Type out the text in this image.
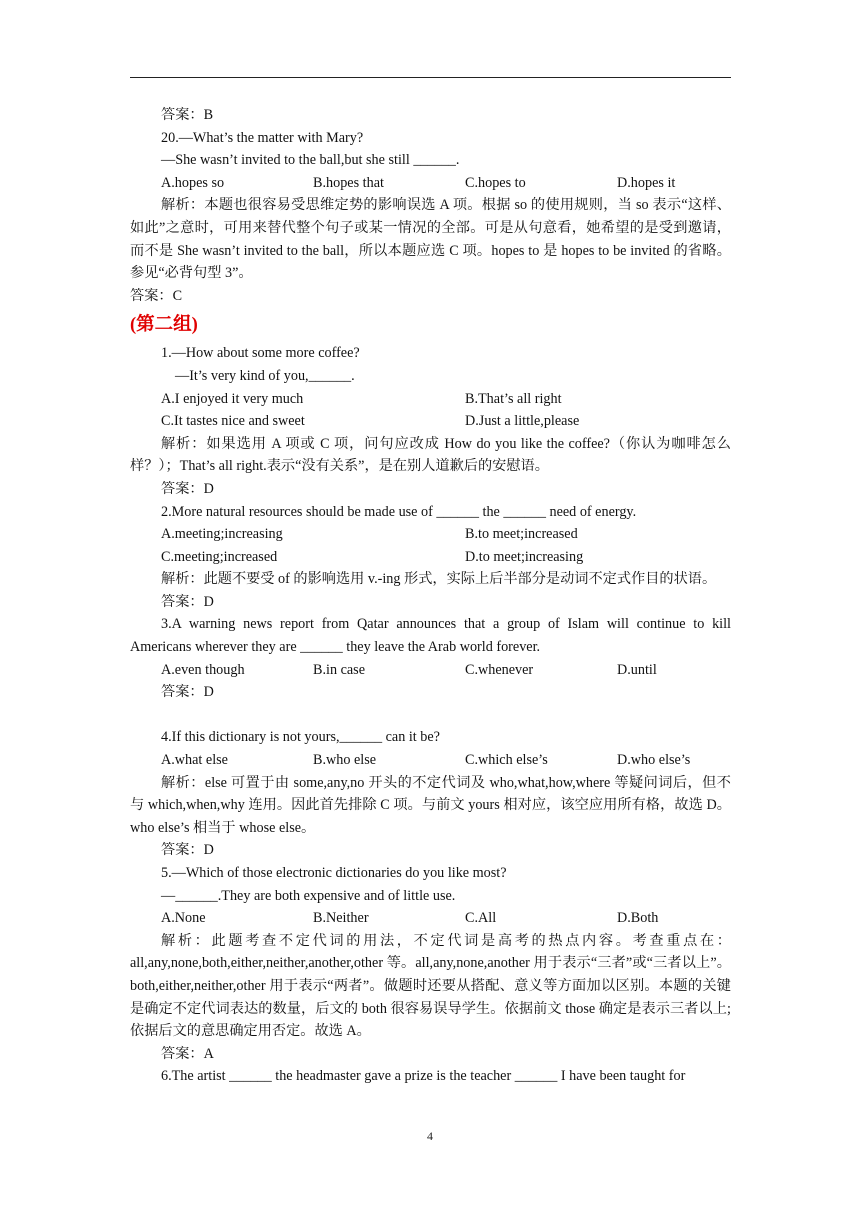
答案：B
20.—What’s the matter with Mary?
—She wasn’t invited to the ball,but she still ______.
A.hopes so	B.hopes that	C.hopes to	D.hopes it
解析：本题也很容易受思维定势的影响误选 A 项。根据 so 的使用规则，当 so 表示“这样、如此”之意时，可用来替代整个句子或某一情况的全部。可是从句意看，她希望的是受到邀请，而不是 She wasn’t invited to the ball，所以本题应选 C 项。hopes to 是 hopes to be invited 的省略。参见“必背句型 3”。
答案：C
(第二组)
1.—How about some more coffee?
—It’s very kind of you,______.
A.I enjoyed it very much	B.That’s all right
C.It tastes nice and sweet	D.Just a little,please
解析：如果选用 A 项或 C 项，问句应改成 How do you like the coffee?（你认为咖啡怎么样？）；That’s all right.表示“没有关系”，是在别人道歉后的安慰语。
答案：D
2.More natural resources should be made use of ______ the ______ need of energy.
A.meeting;increasing	B.to meet;increased
C.meeting;increased	D.to meet;increasing
解析：此题不要受 of 的影响选用 v.-ing 形式，实际上后半部分是动词不定式作目的状语。
答案：D
3.A warning news report from Qatar announces that a group of Islam will continue to kill Americans wherever they are ______ they leave the Arab world forever.
A.even though	B.in case	C.whenever	D.until
答案：D
4.If this dictionary is not yours,______ can it be?
A.what else	B.who else	C.which else’s	D.who else’s
解析：else 可置于由 some,any,no 开头的不定代词及 who,what,how,where 等疑问词后，但不与 which,when,why 连用。因此首先排除 C 项。与前文 yours 相对应，该空应用所有格，故选 D。who else’s 相当于 whose else。
答案：D
5.—Which of those electronic dictionaries do you like most?
—______.They are both expensive and of little use.
A.None	B.Neither	C.All	D.Both
解析：此题考查不定代词的用法，不定代词是高考的热点内容。考查重点在：all,any,none,both,either,neither,another,other 等。all,any,none,another 用于表示“三者”或“三者以上”。both,either,neither,other 用于表示“两者”。做题时还要从搭配、意义等方面加以区别。本题的关键是确定不定代词表达的数量，后文的 both 很容易误导学生。依据前文 those 确定是表示三者以上;依据后文的意思确定用否定。故选 A。
答案：A
6.The artist ______ the headmaster gave a prize is the teacher ______ I have been taught for
4
